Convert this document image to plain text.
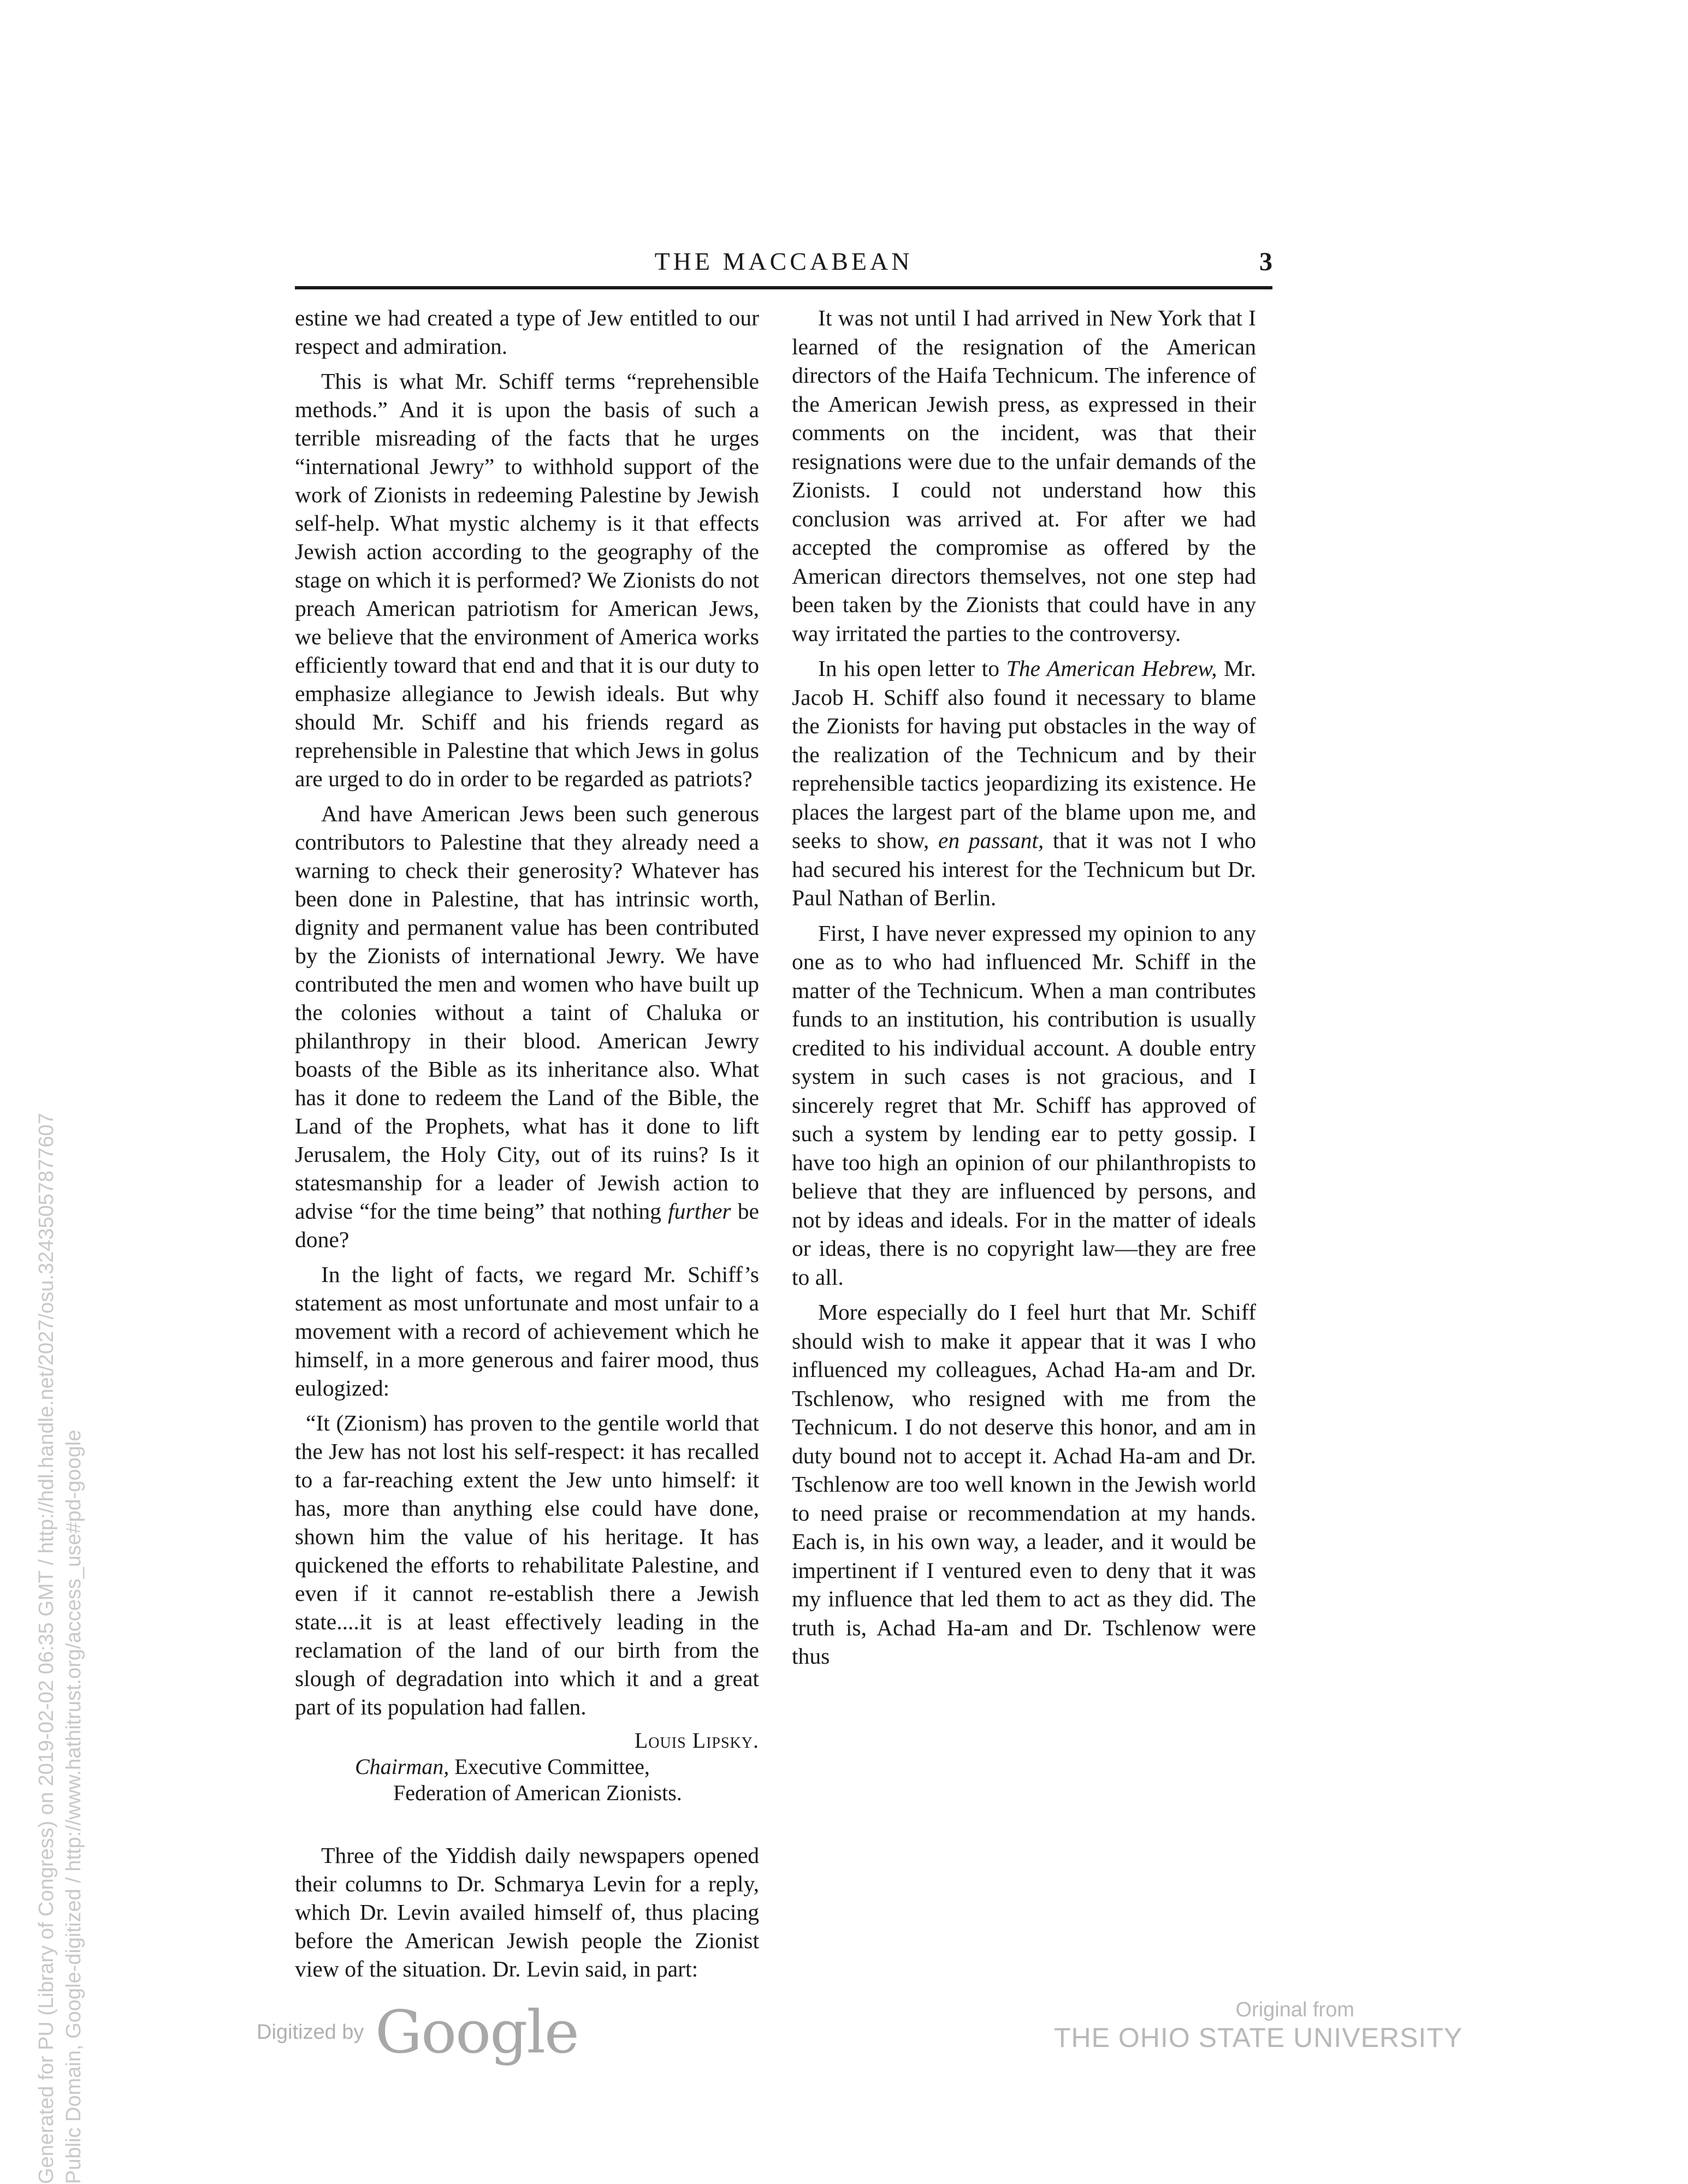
THE MACCABEAN	3

estine we had created a type of Jew entitled to our respect and admiration.

This is what Mr. Schiff terms “reprehensible methods.” And it is upon the basis of such a terrible misreading of the facts that he urges “international Jewry” to withhold support of the work of Zionists in redeeming Palestine by Jewish self-help. What mystic alchemy is it that effects Jewish action according to the geography of the stage on which it is performed? We Zionists do not preach American patriotism for American Jews, we believe that the environment of America works efficiently toward that end and that it is our duty to emphasize allegiance to Jewish ideals. But why should Mr. Schiff and his friends regard as reprehensible in Palestine that which Jews in golus are urged to do in order to be regarded as patriots?

And have American Jews been such generous contributors to Palestine that they already need a warning to check their generosity? Whatever has been done in Palestine, that has intrinsic worth, dignity and permanent value has been contributed by the Zionists of international Jewry. We have contributed the men and women who have built up the colonies without a taint of Chaluka or philanthropy in their blood. American Jewry boasts of the Bible as its inheritance also. What has it done to redeem the Land of the Bible, the Land of the Prophets, what has it done to lift Jerusalem, the Holy City, out of its ruins? Is it statesmanship for a leader of Jewish action to advise “for the time being” that nothing further be done?

In the light of facts, we regard Mr. Schiff’s statement as most unfortunate and most unfair to a movement with a record of achievement which he himself, in a more generous and fairer mood, thus eulogized:

“It (Zionism) has proven to the gentile world that the Jew has not lost his self-respect: it has recalled to a far-reaching extent the Jew unto himself: it has, more than anything else could have done, shown him the value of his heritage. It has quickened the efforts to rehabilitate Palestine, and even if it cannot re-establish there a Jewish state....it is at least effectively leading in the reclamation of the land of our birth from the slough of degradation into which it and a great part of its population had fallen.

Louis Lipsky.
Chairman, Executive Committee,
Federation of American Zionists.

Three of the Yiddish daily newspapers opened their columns to Dr. Schmarya Levin for a reply, which Dr. Levin availed himself of, thus placing before the American Jewish people the Zionist view of the situation. Dr. Levin said, in part:

It was not until I had arrived in New York that I learned of the resignation of the American directors of the Haifa Technicum. The inference of the American Jewish press, as expressed in their comments on the incident, was that their resignations were due to the unfair demands of the Zionists. I could not understand how this conclusion was arrived at. For after we had accepted the compromise as offered by the American directors themselves, not one step had been taken by the Zionists that could have in any way irritated the parties to the controversy.

In his open letter to The American Hebrew, Mr. Jacob H. Schiff also found it necessary to blame the Zionists for having put obstacles in the way of the realization of the Technicum and by their reprehensible tactics jeopardizing its existence. He places the largest part of the blame upon me, and seeks to show, en passant, that it was not I who had secured his interest for the Technicum but Dr. Paul Nathan of Berlin.

First, I have never expressed my opinion to any one as to who had influenced Mr. Schiff in the matter of the Technicum. When a man contributes funds to an institution, his contribution is usually credited to his individual account. A double entry system in such cases is not gracious, and I sincerely regret that Mr. Schiff has approved of such a system by lending ear to petty gossip. I have too high an opinion of our philanthropists to believe that they are influenced by persons, and not by ideas and ideals. For in the matter of ideals or ideas, there is no copyright law—they are free to all.

More especially do I feel hurt that Mr. Schiff should wish to make it appear that it was I who influenced my colleagues, Achad Ha-am and Dr. Tschlenow, who resigned with me from the Technicum. I do not deserve this honor, and am in duty bound not to accept it. Achad Ha-am and Dr. Tschlenow are too well known in the Jewish world to need praise or recommendation at my hands. Each is, in his own way, a leader, and it would be impertinent if I ventured even to deny that it was my influence that led them to act as they did. The truth is, Achad Ha-am and Dr. Tschlenow were thus

Generated for PU (Library of Congress) on 2019-02-02 06:35 GMT / http://hdl.handle.net/2027/osu.32435057877607 Public Domain, Google-digitized / http://www.hathitrust.org/access_use#pd-google	Digitized by Google	Original from
THE OHIO STATE UNIVERSITY
